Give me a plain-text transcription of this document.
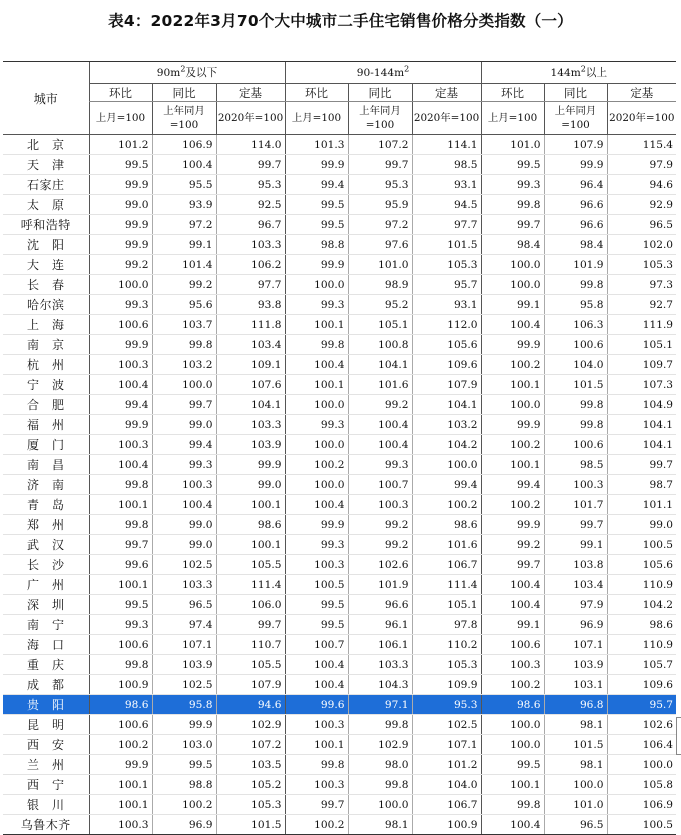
表4：2022年3月70个大中城市二手住宅销售价格分类指数（一）
城市	$90m^2$及以下			$90-144m^2$			$144m^2$以上		
	环比	同比	定基	环比	同比	定基	环比	同比	定基
	上月=100	上年同月=100	2020年=100	上月=100	上年同月=100	2020年=100	上月=100	上年同月=100	2020年=100
北　京	101.2	106.9	114.0	101.3	107.2	114.1	101.0	107.9	115.4
天　津	99.5	100.4	99.7	99.9	99.7	98.5	99.5	99.9	97.9
石家庄	99.9	95.5	95.3	99.4	95.3	93.1	99.3	96.4	94.6
太　原	99.0	93.9	92.5	99.5	95.9	94.5	99.8	96.6	92.9
呼和浩特	99.9	97.2	96.7	99.5	97.2	97.7	99.7	96.6	96.5
沈　阳	99.9	99.1	103.3	98.8	97.6	101.5	98.4	98.4	102.0
大　连	99.2	101.4	106.2	99.9	101.0	105.3	100.0	101.9	105.3
长　春	100.0	99.2	97.7	100.0	98.9	95.7	100.0	99.8	97.3
哈尔滨	99.3	95.6	93.8	99.3	95.2	93.1	99.1	95.8	92.7
上　海	100.6	103.7	111.8	100.1	105.1	112.0	100.4	106.3	111.9
南　京	99.9	99.8	103.4	99.8	100.8	105.6	99.9	100.6	105.1
杭　州	100.3	103.2	109.1	100.4	104.1	109.6	100.2	104.0	109.7
宁　波	100.4	100.0	107.6	100.1	101.6	107.9	100.1	101.5	107.3
合　肥	99.4	99.7	104.1	100.0	99.2	104.1	100.0	99.8	104.9
福　州	99.9	99.0	103.3	99.3	100.4	103.2	99.9	99.8	104.1
厦　门	100.3	99.4	103.9	100.0	100.4	104.2	100.2	100.6	104.1
南　昌	100.4	99.3	99.9	100.2	99.3	100.0	100.1	98.5	99.7
济　南	99.8	100.3	99.0	100.0	100.7	99.4	99.4	100.3	98.7
青　岛	100.1	100.4	100.1	100.4	100.3	100.2	100.2	101.7	101.1
郑　州	99.8	99.0	98.6	99.9	99.2	98.6	99.9	99.7	99.0
武　汉	99.7	99.0	100.1	99.3	99.2	101.6	99.2	99.1	100.5
长　沙	99.6	102.5	105.5	100.3	102.6	106.7	99.7	103.8	105.6
广　州	100.1	103.3	111.4	100.5	101.9	111.4	100.4	103.4	110.9
深　圳	99.5	96.5	106.0	99.5	96.6	105.1	100.4	97.9	104.2
南　宁	99.3	97.4	99.7	99.5	96.1	97.8	99.1	96.9	98.6
海　口	100.6	107.1	110.7	100.7	106.1	110.2	100.6	107.1	110.9
重　庆	99.8	103.9	105.5	100.4	103.3	105.3	100.3	103.9	105.7
成　都	100.9	102.5	107.9	100.4	104.3	109.9	100.2	103.1	109.6
贵　阳	98.6	95.8	94.6	99.6	97.1	95.3	98.6	96.8	95.7
昆　明	100.6	99.9	102.9	100.3	99.8	102.5	100.0	98.1	102.6
西　安	100.2	103.0	107.2	100.1	102.9	107.1	100.0	101.5	106.4
兰　州	99.9	99.5	103.5	99.8	98.0	101.2	99.5	98.1	100.0
西　宁	100.1	98.8	105.2	100.3	99.8	104.0	100.1	100.0	105.8
银　川	100.1	100.2	105.3	99.7	100.0	106.7	99.8	101.0	106.9
乌鲁木齐	100.3	96.9	101.5	100.2	98.1	100.9	100.4	96.5	100.5
